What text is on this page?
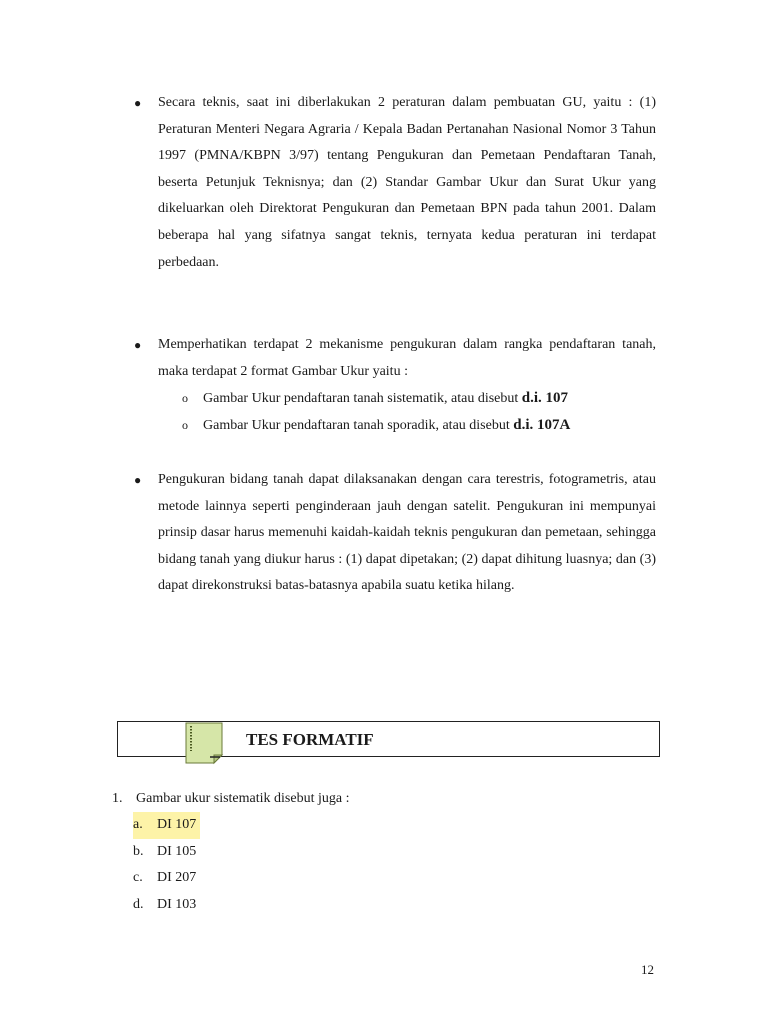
● Secara teknis, saat ini diberlakukan 2 peraturan dalam pembuatan GU, yaitu : (1) Peraturan Menteri Negara Agraria / Kepala Badan Pertanahan Nasional Nomor 3 Tahun 1997 (PMNA/KBPN 3/97) tentang Pengukuran dan Pemetaan Pendaftaran Tanah, beserta Petunjuk Teknisnya; dan (2) Standar Gambar Ukur dan Surat Ukur yang dikeluarkan oleh Direktorat Pengukuran dan Pemetaan BPN pada tahun 2001. Dalam beberapa hal yang sifatnya sangat teknis, ternyata kedua peraturan ini terdapat perbedaan.
● Memperhatikan terdapat 2 mekanisme pengukuran dalam rangka pendaftaran tanah, maka terdapat 2 format Gambar Ukur yaitu :
o Gambar Ukur pendaftaran tanah sistematik, atau disebut d.i. 107
o Gambar Ukur pendaftaran tanah sporadik, atau disebut d.i. 107A
● Pengukuran bidang tanah dapat dilaksanakan dengan cara terestris, fotogrametris, atau metode lainnya seperti penginderaan jauh dengan satelit. Pengukuran ini mempunyai prinsip dasar harus memenuhi kaidah-kaidah teknis pengukuran dan pemetaan, sehingga bidang tanah yang diukur harus : (1) dapat dipetakan; (2) dapat dihitung luasnya; dan (3) dapat direkonstruksi batas-batasnya apabila suatu ketika hilang.
TES FORMATIF
1. Gambar ukur sistematik disebut juga :
a. DI 107
b. DI 105
c. DI 207
d. DI 103
12
